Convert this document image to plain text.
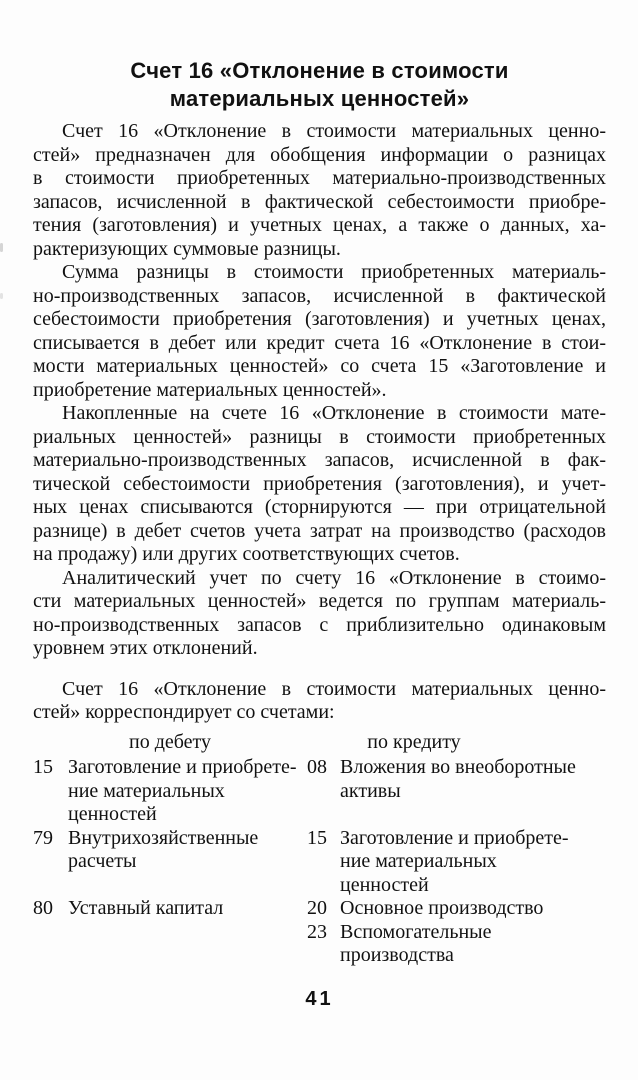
Счет 16 «Отклонение в стоимости
материальных ценностей»
Счет 16 «Отклонение в стоимости материальных ценно-
стей» предназначен для обобщения информации о разницах
в стоимости приобретенных материально-производственных
запасов, исчисленной в фактической себестоимости приобре-
тения (заготовления) и учетных ценах, а также о данных, ха-
рактеризующих суммовые разницы.
Сумма разницы в стоимости приобретенных материаль-
но-производственных запасов, исчисленной в фактической
себестоимости приобретения (заготовления) и учетных ценах,
списывается в дебет или кредит счета 16 «Отклонение в стои-
мости материальных ценностей» со счета 15 «Заготовление и
приобретение материальных ценностей».
Накопленные на счете 16 «Отклонение в стоимости мате-
риальных ценностей» разницы в стоимости приобретенных
материально-производственных запасов, исчисленной в фак-
тической себестоимости приобретения (заготовления), и учет-
ных ценах списываются (сторнируются — при отрицательной
разнице) в дебет счетов учета затрат на производство (расходов
на продажу) или других соответствующих счетов.
Аналитический учет по счету 16 «Отклонение в стоимо-
сти материальных ценностей» ведется по группам материаль-
но-производственных запасов с приблизительно одинаковым
уровнем этих отклонений.
Счет 16 «Отклонение в стоимости материальных ценно-
стей» корреспондирует со счетами:
по дебету	по кредиту
15 Заготовление и приобрете-
ние материальных
ценностей
08 Вложения во внеоборотные
активы
79 Внутрихозяйственные
расчеты
15 Заготовление и приобрете-
ние материальных
ценностей
80 Уставный капитал	20 Основное производство
23 Вспомогательные
производства
41
